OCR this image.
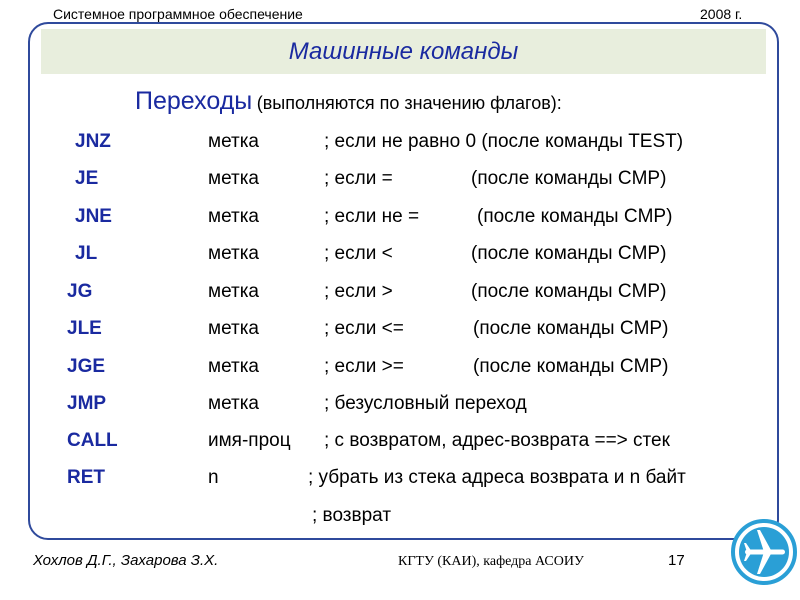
Системное программное обеспечение	2008 г.
Машинные команды
Переходы (выполняются по значению флагов):
JNZ	метка	; если не равно 0 (после команды TEST)
JE	метка	; если =	(после команды CMP)
JNE	метка	; если не =	(после команды CMP)
JL	метка	; если <	(после команды CMP)
JG	метка	; если >	(после команды CMP)
JLE	метка	; если <=	(после команды CMP)
JGE	метка	; если >=	(после команды CMP)
JMP	метка	; безусловный переход
CALL	имя-проц ; с возвратом, адрес-возврата ==> стек
RET	n	; убрать из стека адреса возврата и n байт
; возврат
Хохлов Д.Г., Захарова З.Х.	КГТУ (КАИ), кафедра АСОИУ	17
